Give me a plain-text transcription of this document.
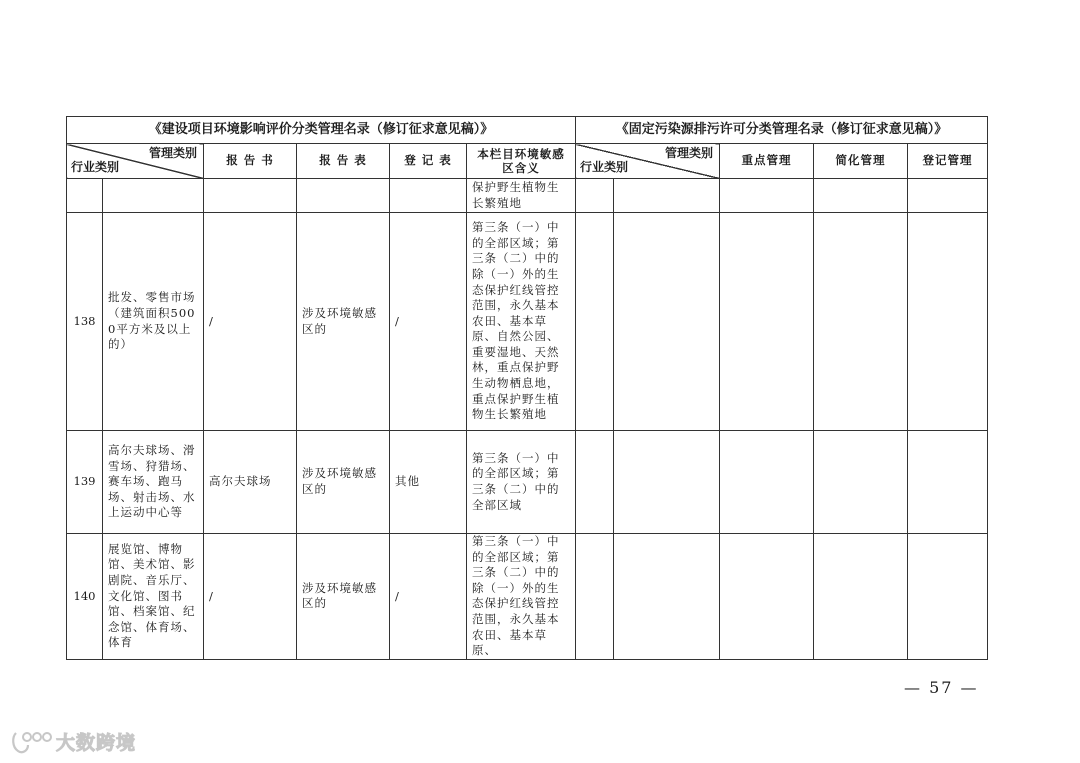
《建设项目环境影响评价分类管理名录（修订征求意见稿）》						《固定污染源排污许可分类管理名录（修订征求意见稿）》				

管理类别
行业类别		报 告 书	报 告 表	登 记 表	本栏目环境敏感区含义	管理类别
行业类别		重点管理	简化管理	登记管理
					保护野生植物生长繁殖地					
138	批发、零售市场（建筑面积5000平方米及以上的）	/	涉及环境敏感区的	/	第三条（一）中的全部区域；第三条（二）中的除（一）外的生态保护红线管控范围，永久基本农田、基本草原、自然公园、重要湿地、天然林，重点保护野生动物栖息地，重点保护野生植物生长繁殖地					
139	高尔夫球场、滑雪场、狩猎场、赛车场、跑马场、射击场、水上运动中心等	高尔夫球场	涉及环境敏感区的	其他	第三条（一）中的全部区域；第三条（二）中的全部区域					
140	展览馆、博物馆、美术馆、影剧院、音乐厅、文化馆、图书馆、档案馆、纪念馆、体育场、体育	/	涉及环境敏感区的	/	第三条（一）中的全部区域；第三条（二）中的除（一）外的生态保护红线管控范围，永久基本农田、基本草原、					
— 57 —
大数跨境
